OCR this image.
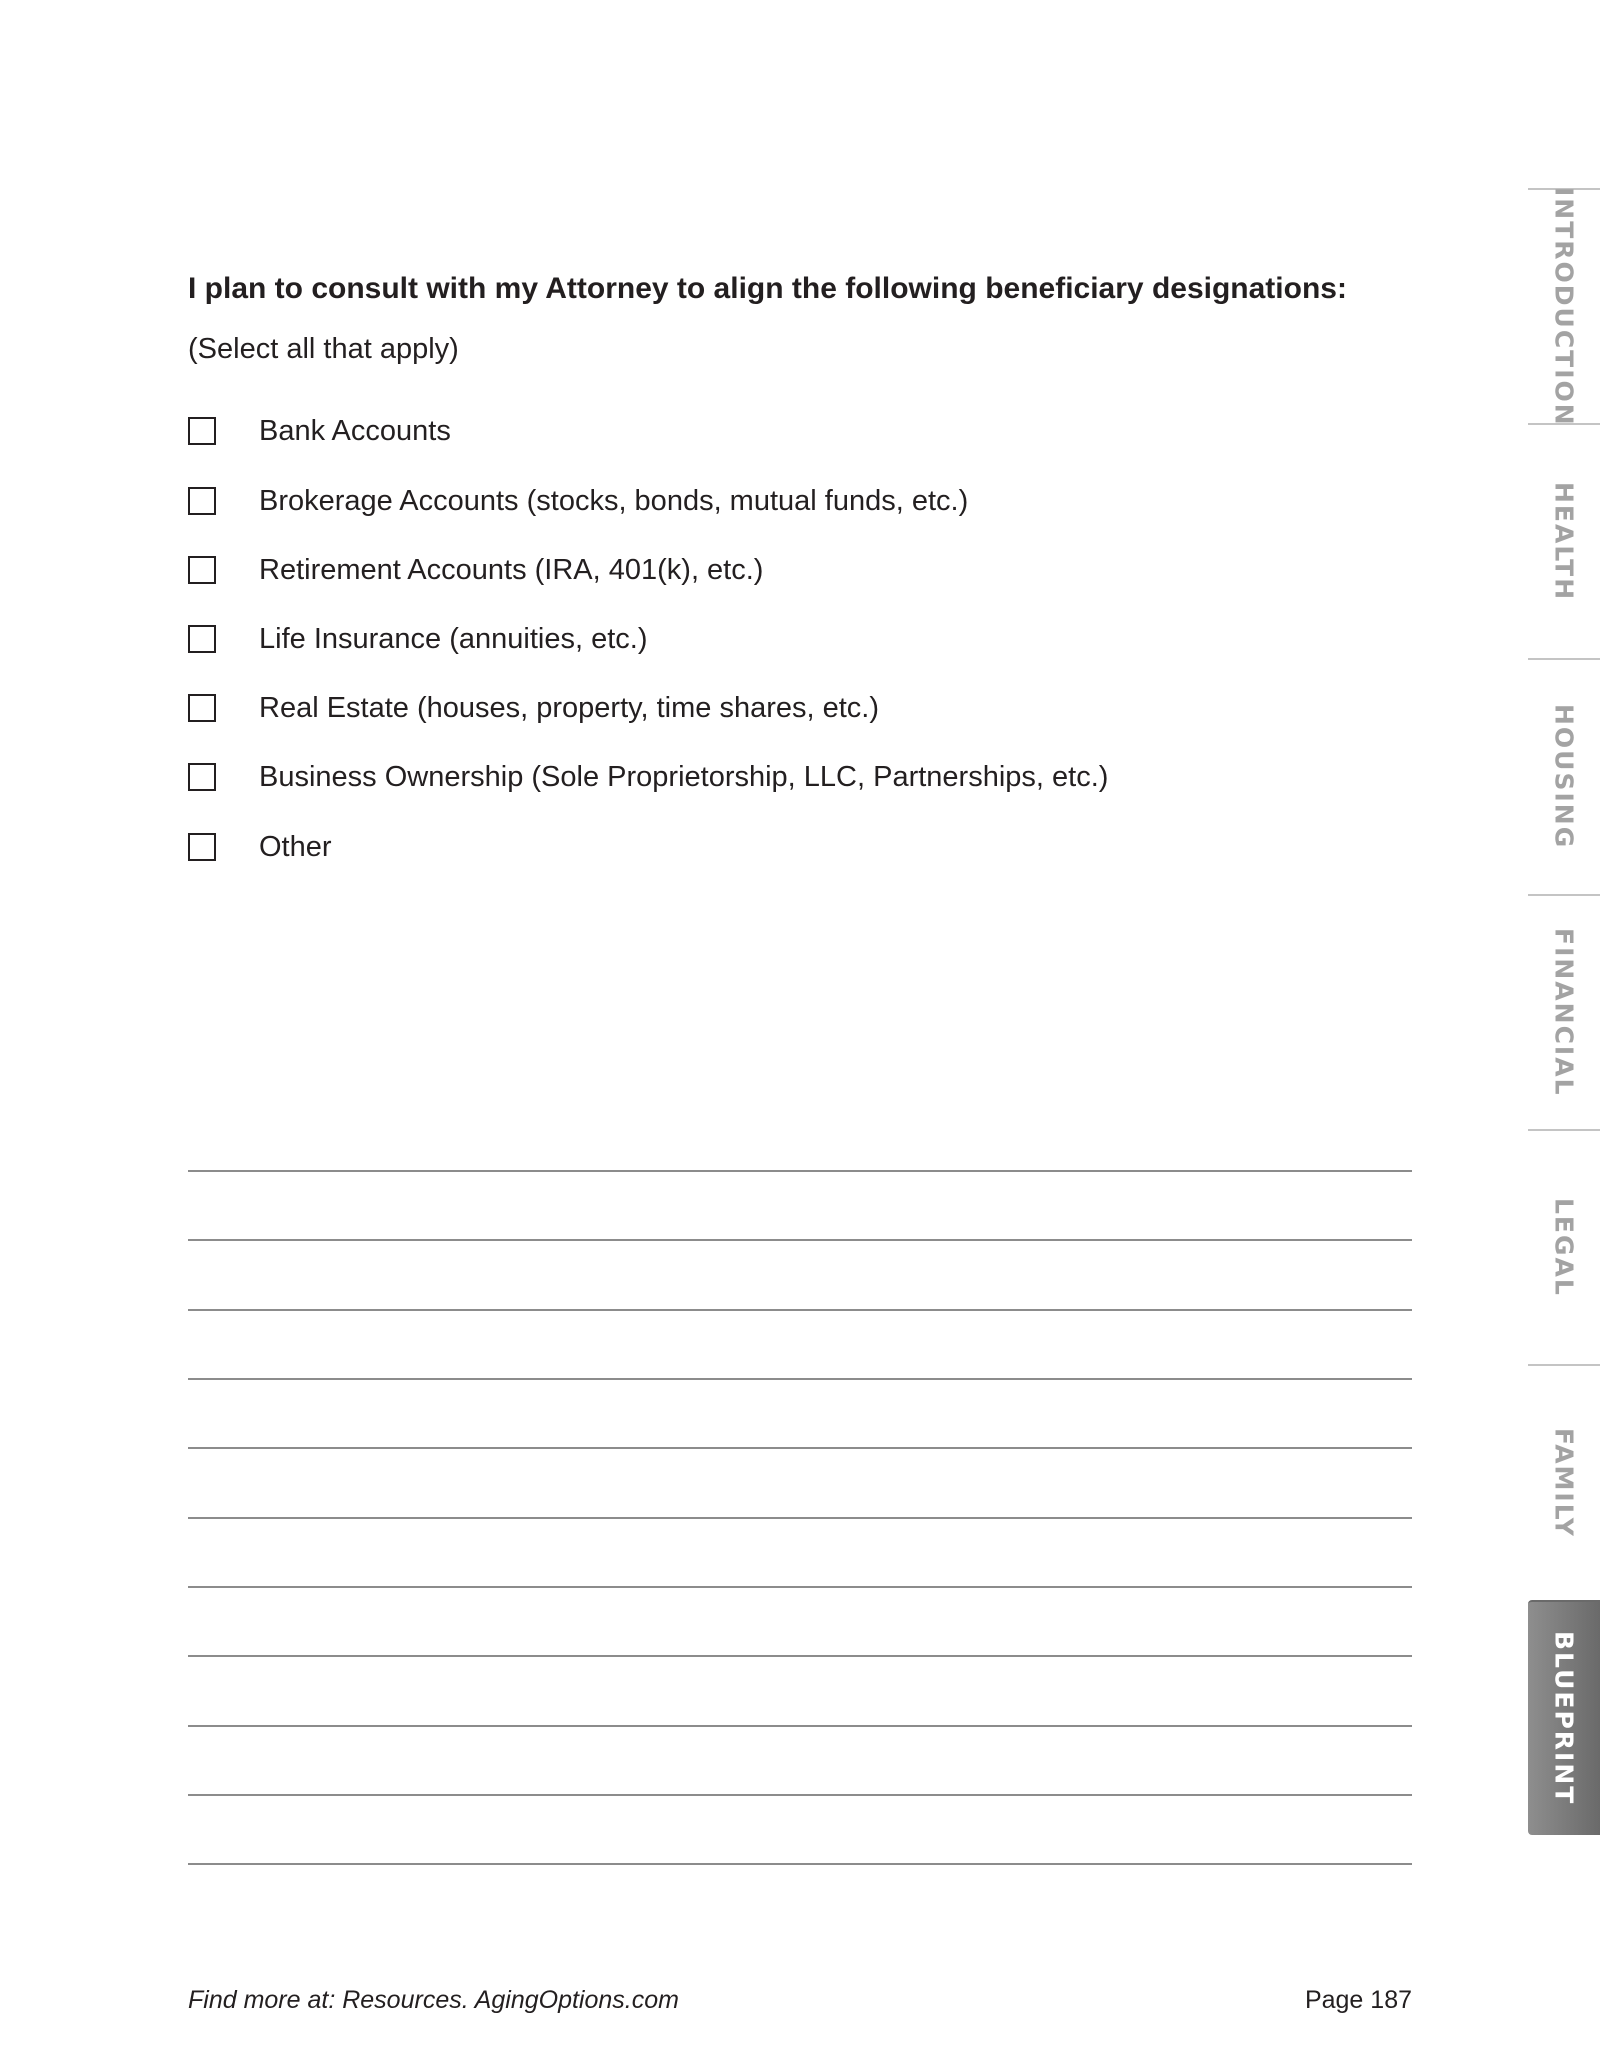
I plan to consult with my Attorney to align the following beneficiary designations:
(Select all that apply)
Bank Accounts
Brokerage Accounts (stocks, bonds, mutual funds, etc.)
Retirement Accounts (IRA, 401(k), etc.)
Life Insurance (annuities, etc.)
Real Estate (houses, property, time shares, etc.)
Business Ownership (Sole Proprietorship, LLC, Partnerships, etc.)
Other
Find more at: Resources. AgingOptions.com	Page 187
INTRODUCTION
HEALTH
HOUSING
FINANCIAL
LEGAL
FAMILY
BLUEPRINT
